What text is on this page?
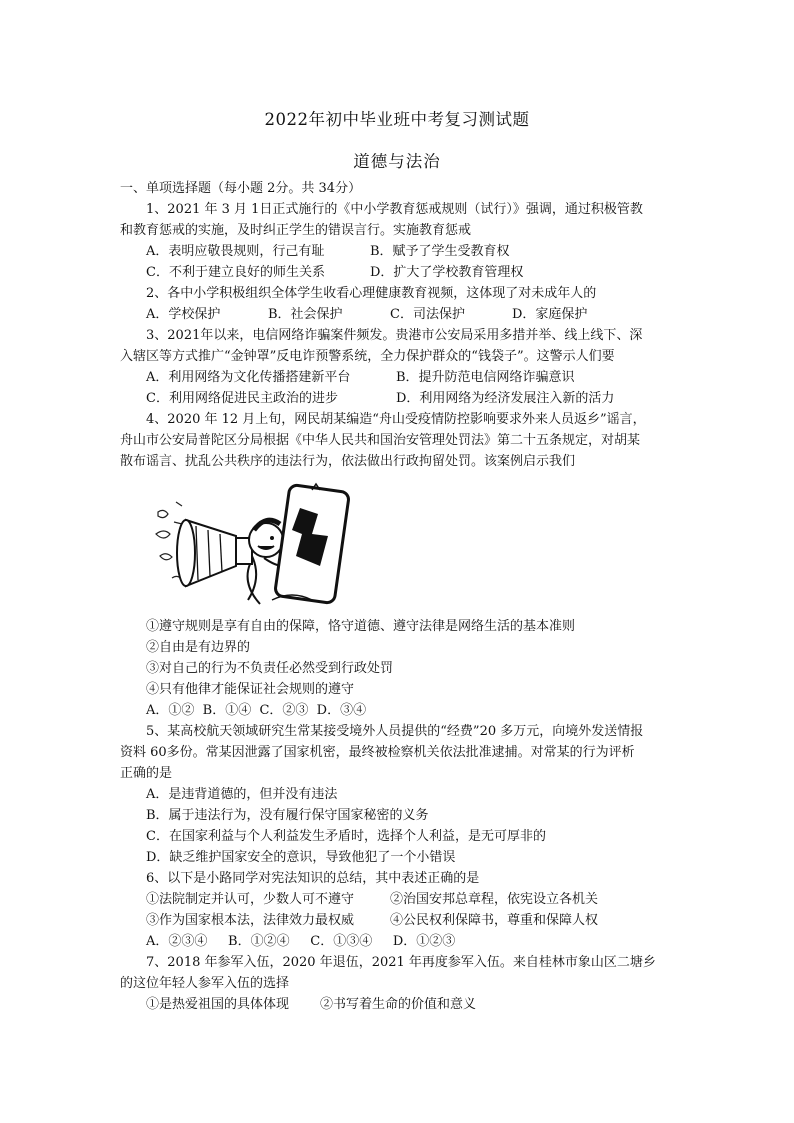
2022年初中毕业班中考复习测试题
道德与法治

一、单项选择题（每小题 2分。共 34分）

1、2021 年 3 月 1日正式施行的《中小学教育惩戒规则（试行）》强调，通过积极管教

和教育惩戒的实施，及时纠正学生的错误言行。实施教育惩戒

A．表明应敬畏规则，行己有耻	B．赋予了学生受教育权
C．不利于建立良好的师生关系	D．扩大了学校教育管理权

2、各中小学积极组织全体学生收看心理健康教育视频，这体现了对未成年人的

A．学校保护	B．社会保护	C．司法保护	D．家庭保护

3、2021年以来，电信网络诈骗案件频发。贵港市公安局采用多措并举、线上线下、深

入辖区等方式推广“金钟罩”反电诈预警系统，全力保护群众的“钱袋子”。这警示人们要

A．利用网络为文化传播搭建新平台	B．提升防范电信网络诈骗意识
C．利用网络促进民主政治的进步	D．利用网络为经济发展注入新的活力

4、2020 年 12 月上旬，网民胡某编造“舟山受疫情防控影响要求外来人员返乡”谣言，

舟山市公安局普陀区分局根据《中华人民共和国治安管理处罚法》第二十五条规定，对胡某

散布谣言、扰乱公共秩序的违法行为，依法做出行政拘留处罚。该案例启示我们

①遵守规则是享有自由的保障，恪守道德、遵守法律是网络生活的基本准则

②自由是有边界的

③对自己的行为不负责任必然受到行政处罚

④只有他律才能保证社会规则的遵守

A．①②  B．①④  C．②③  D．③④

5、某高校航天领域研究生常某接受境外人员提供的“经费”20 多万元，向境外发送情报

资料 60多份。常某因泄露了国家机密，最终被检察机关依法批准逮捕。对常某的行为评析

正确的是

A．是违背道德的，但并没有违法

B．属于违法行为，没有履行保守国家秘密的义务

C．在国家利益与个人利益发生矛盾时，选择个人利益，是无可厚非的

D．缺乏维护国家安全的意识，导致他犯了一个小错误

6、以下是小路同学对宪法知识的总结，其中表述正确的是

①法院制定并认可，少数人可不遵守	②治国安邦总章程，依宪设立各机关
③作为国家根本法，法律效力最权威	④公民权利保障书，尊重和保障人权

A．②③④     B．①②④     C．①③④     D．①②③

7、2018 年参军入伍，2020 年退伍，2021 年再度参军入伍。来自桂林市象山区二塘乡

的这位年轻人参军入伍的选择

①是热爱祖国的具体体现	②书写着生命的价值和意义
